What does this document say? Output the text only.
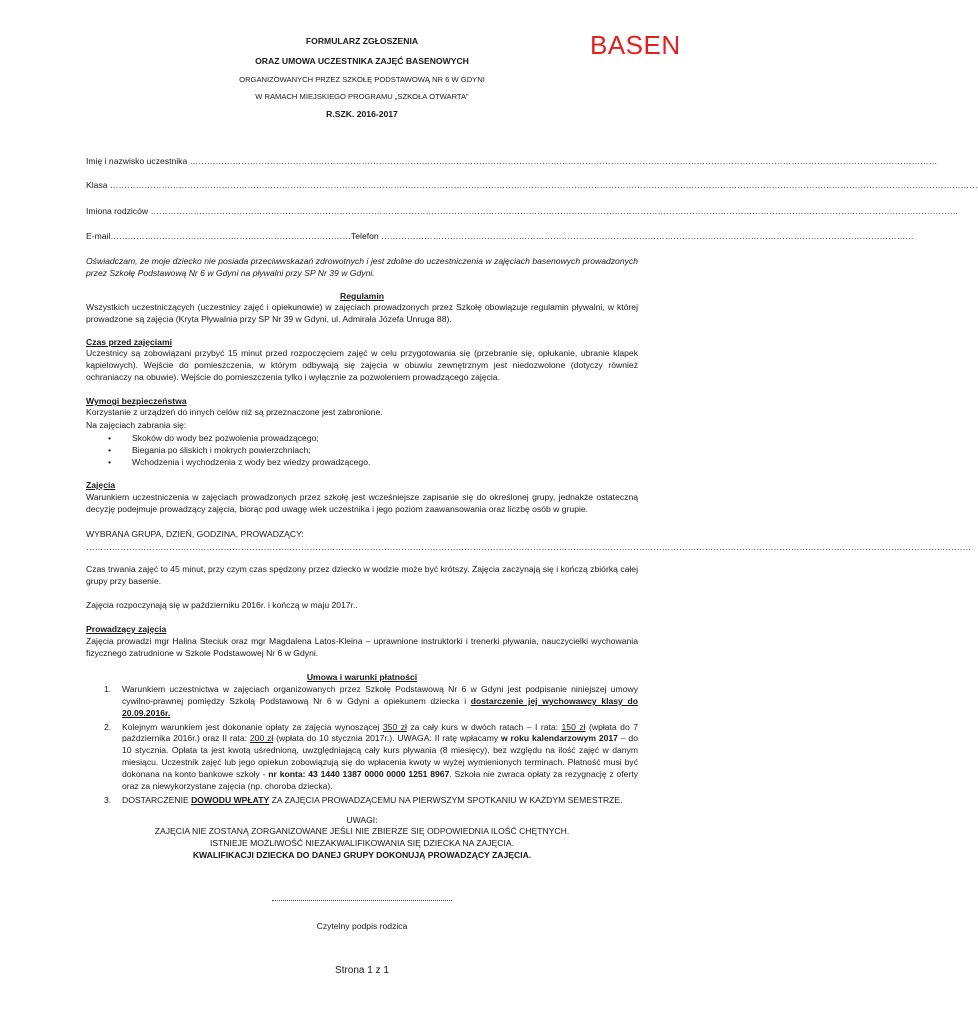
BASEN
FORMULARZ ZGŁOSZENIA
ORAZ UMOWA UCZESTNIKA ZAJĘĆ BASENOWYCH
ORGANIZOWANYCH PRZEZ SZKOŁĘ PODSTAWOWĄ NR 6 W GDYNI
W RAMACH MIEJSKIEGO PROGRAMU „SZKOŁA OTWARTA"
R.SZK. 2016-2017
Imię i nazwisko uczestnika ………………………………………………………………………………………………………………………………………………………………………………………………………………………………………
Klasa ……………………………………………………………………………………………………………………………………………………………………………………………………………………………………………………………………………
Imiona rodziców …………………………………………………………………………………………………………………………………………………………………………………………………………………………………………………………
E-mail…………………………………………………………………………Telefon ……………………………………………………………………………………………………………………………………………………………………

Oświadczam, że moje dziecko nie posiada przeciwwskazań zdrowotnych i jest zdolne do uczestniczenia w zajęciach basenowych prowadzonych przez Szkołę Podstawową Nr 6 w Gdyni na pływalni przy SP Nr 39 w Gdyni.

Regulamin

Wszystkich uczestniczących (uczestnicy zajęć i opiekunowie) w zajęciach prowadzonych przez Szkołę obowiązuje regulamin pływalni, w której prowadzone są zajęcia (Kryta Pływalnia przy SP Nr 39 w Gdyni, ul. Admirała Józefa Unruga 88).

Czas przed zajęciami

Uczestnicy są zobowiązani przybyć 15 minut przed rozpoczęciem zajęć w celu przygotowania się (przebranie się, opłukanie, ubranie klapek kąpielowych). Wejście do pomieszczenia, w którym odbywają się zajęcia w obuwiu zewnętrznym jest niedozwolone (dotyczy również ochraniaczy na obuwie). Wejście do pomieszczenia tylko i wyłącznie za pozwoleniem prowadzącego zajęcia.

Wymogi bezpieczeństwa
Korzystanie z urządzeń do innych celów niż są przeznaczone jest zabronione.
Na zajęciach zabrania się:
• Skoków do wody bez pozwolenia prowadzącego;
• Biegania po śliskich i mokrych powierzchniach;
• Wchodzenia i wychodzenia z wody bez wiedzy prowadzącego.
Zajęcia

Warunkiem uczestniczenia w zajęciach prowadzonych przez szkołę jest wcześniejsze zapisanie się do określonej grupy, jednakże ostateczną decyzję podejmuje prowadzący zajęcia, biorąc pod uwagę wiek uczestnika i jego poziom zaawansowania oraz liczbę osób w grupie.

WYBRANA GRUPA, DZIEŃ, GODZINA, PROWADZĄCY:
…………………………………………………………………………………………………………………………………………………………………………………………………………………………………………………………………………………

Czas trwania zajęć to 45 minut, przy czym czas spędzony przez dziecko w wodzie może być krótszy. Zajęcia zaczynają się i kończą zbiórką całej grupy przy basenie.

Zajęcia rozpoczynają się w październiku 2016r. i kończą w maju 2017r..
Prowadzący zajęcia

Zajęcia prowadzi mgr Halina Steciuk oraz mgr Magdalena Latos-Kleina – uprawnione instruktorki i trenerki pływania, nauczycielki wychowania fizycznego zatrudnione w Szkole Podstawowej Nr 6 w Gdyni.

Umowa i warunki płatności
1. Warunkiem uczestnictwa w zajęciach organizowanych przez Szkołę Podstawową Nr 6 w Gdyni jest podpisanie niniejszej umowy cywilno-prawnej pomiędzy Szkołą Podstawową Nr 6 w Gdyni a opiekunem dziecka i dostarczenie jej wychowawcy klasy do 20.09.2016r.
2. Kolejnym warunkiem jest dokonanie opłaty za zajęcia wynoszącej 350 zł za cały kurs w dwóch ratach – I rata: 150 zł (wpłata do 7 października 2016r.) oraz II rata: 200 zł (wpłata do 10 stycznia 2017r.). UWAGA: II ratę wpłacamy w roku kalendarzowym 2017 – do 10 stycznia. Opłata ta jest kwotą uśrednioną, uwzględniającą cały kurs pływania (8 miesięcy), bez względu na ilość zajęć w danym miesiącu. Uczestnik zajęć lub jego opiekun zobowiązują się do wpłacenia kwoty w wyżej wymienionych terminach. Płatność musi być dokonana na konto bankowe szkoły - nr konta: 43 1440 1387 0000 0000 1251 8967. Szkoła nie zwraca opłaty za rezygnację z oferty oraz za niewykorzystane zajęcia (np. choroba dziecka).
3. DOSTARCZENIE DOWODU WPŁATY ZA ZAJĘCIA PROWADZĄCEMU NA PIERWSZYM SPOTKANIU W KAŻDYM SEMESTRZE.
UWAGI:
ZAJĘCIA NIE ZOSTANĄ ZORGANIZOWANE JEŚLI NIE ZBIERZE SIĘ ODPOWIEDNIA ILOŚĆ CHĘTNYCH.
ISTNIEJE MOŻLIWOŚĆ NIEZAKWALIFIKOWANIA SIĘ DZIECKA NA ZAJĘCIA.
KWALIFIKACJI DZIECKA DO DANEJ GRUPY DOKONUJĄ PROWADZĄCY ZAJĘCIA.
Czytelny podpis rodzica
Strona 1 z 1
